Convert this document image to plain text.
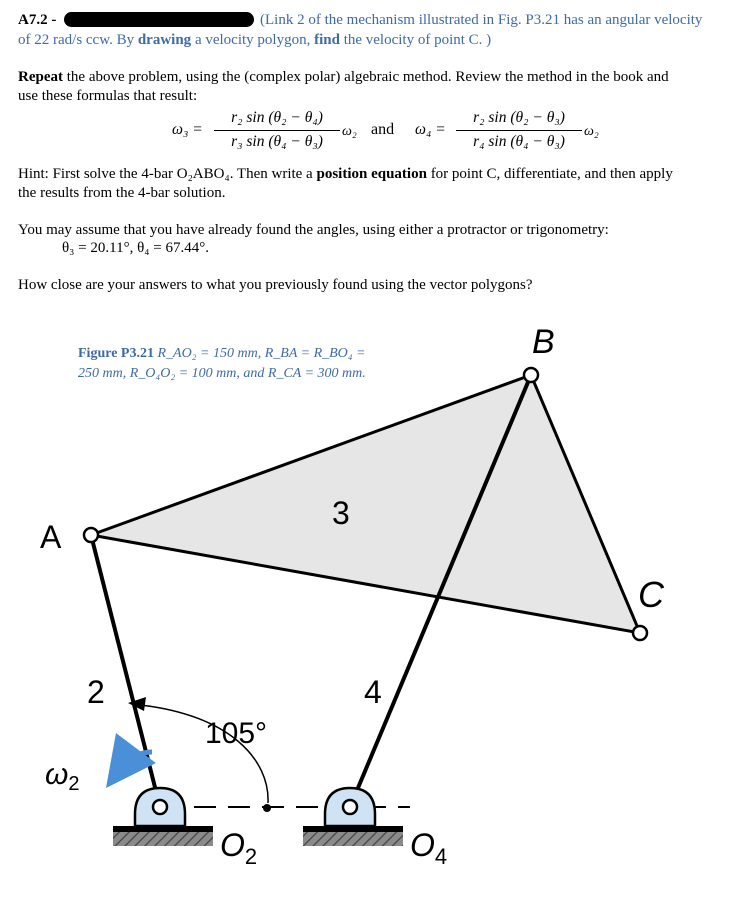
A7.2 -	(Link 2 of the mechanism illustrated in Fig. P3.21 has an angular velocity
of 22 rad/s ccw. By drawing a velocity polygon, find the velocity of point C. )
Repeat the above problem, using the (complex polar) algebraic method. Review the method in the book and
use these formulas that result:
ω₃ =
r₂ sin (θ₂ − θ₄)
r₃ sin (θ₄ − θ₃)
ω₂ and ω₄ =
r₂ sin (θ₂ − θ₃)
r₄ sin (θ₄ − θ₃)
ω₂
Hint: First solve the 4-bar O₂ABO₄. Then write a position equation for point C, differentiate, and then apply
the results from the 4-bar solution.
You may assume that you have already found the angles, using either a protractor or trigonometry:
θ₃ = 20.11°, θ₄ = 67.44°.
How close are your answers to what you previously found using the vector polygons?
Figure P3.21 R_AO₂ = 150 mm, R_BA = R_BO₄ =
250 mm, R_O₄O₂ = 100 mm, and R_CA = 300 mm.
A
B
C
3
2	4
105°
$\omega_2$
$O_2$	$O_4$
